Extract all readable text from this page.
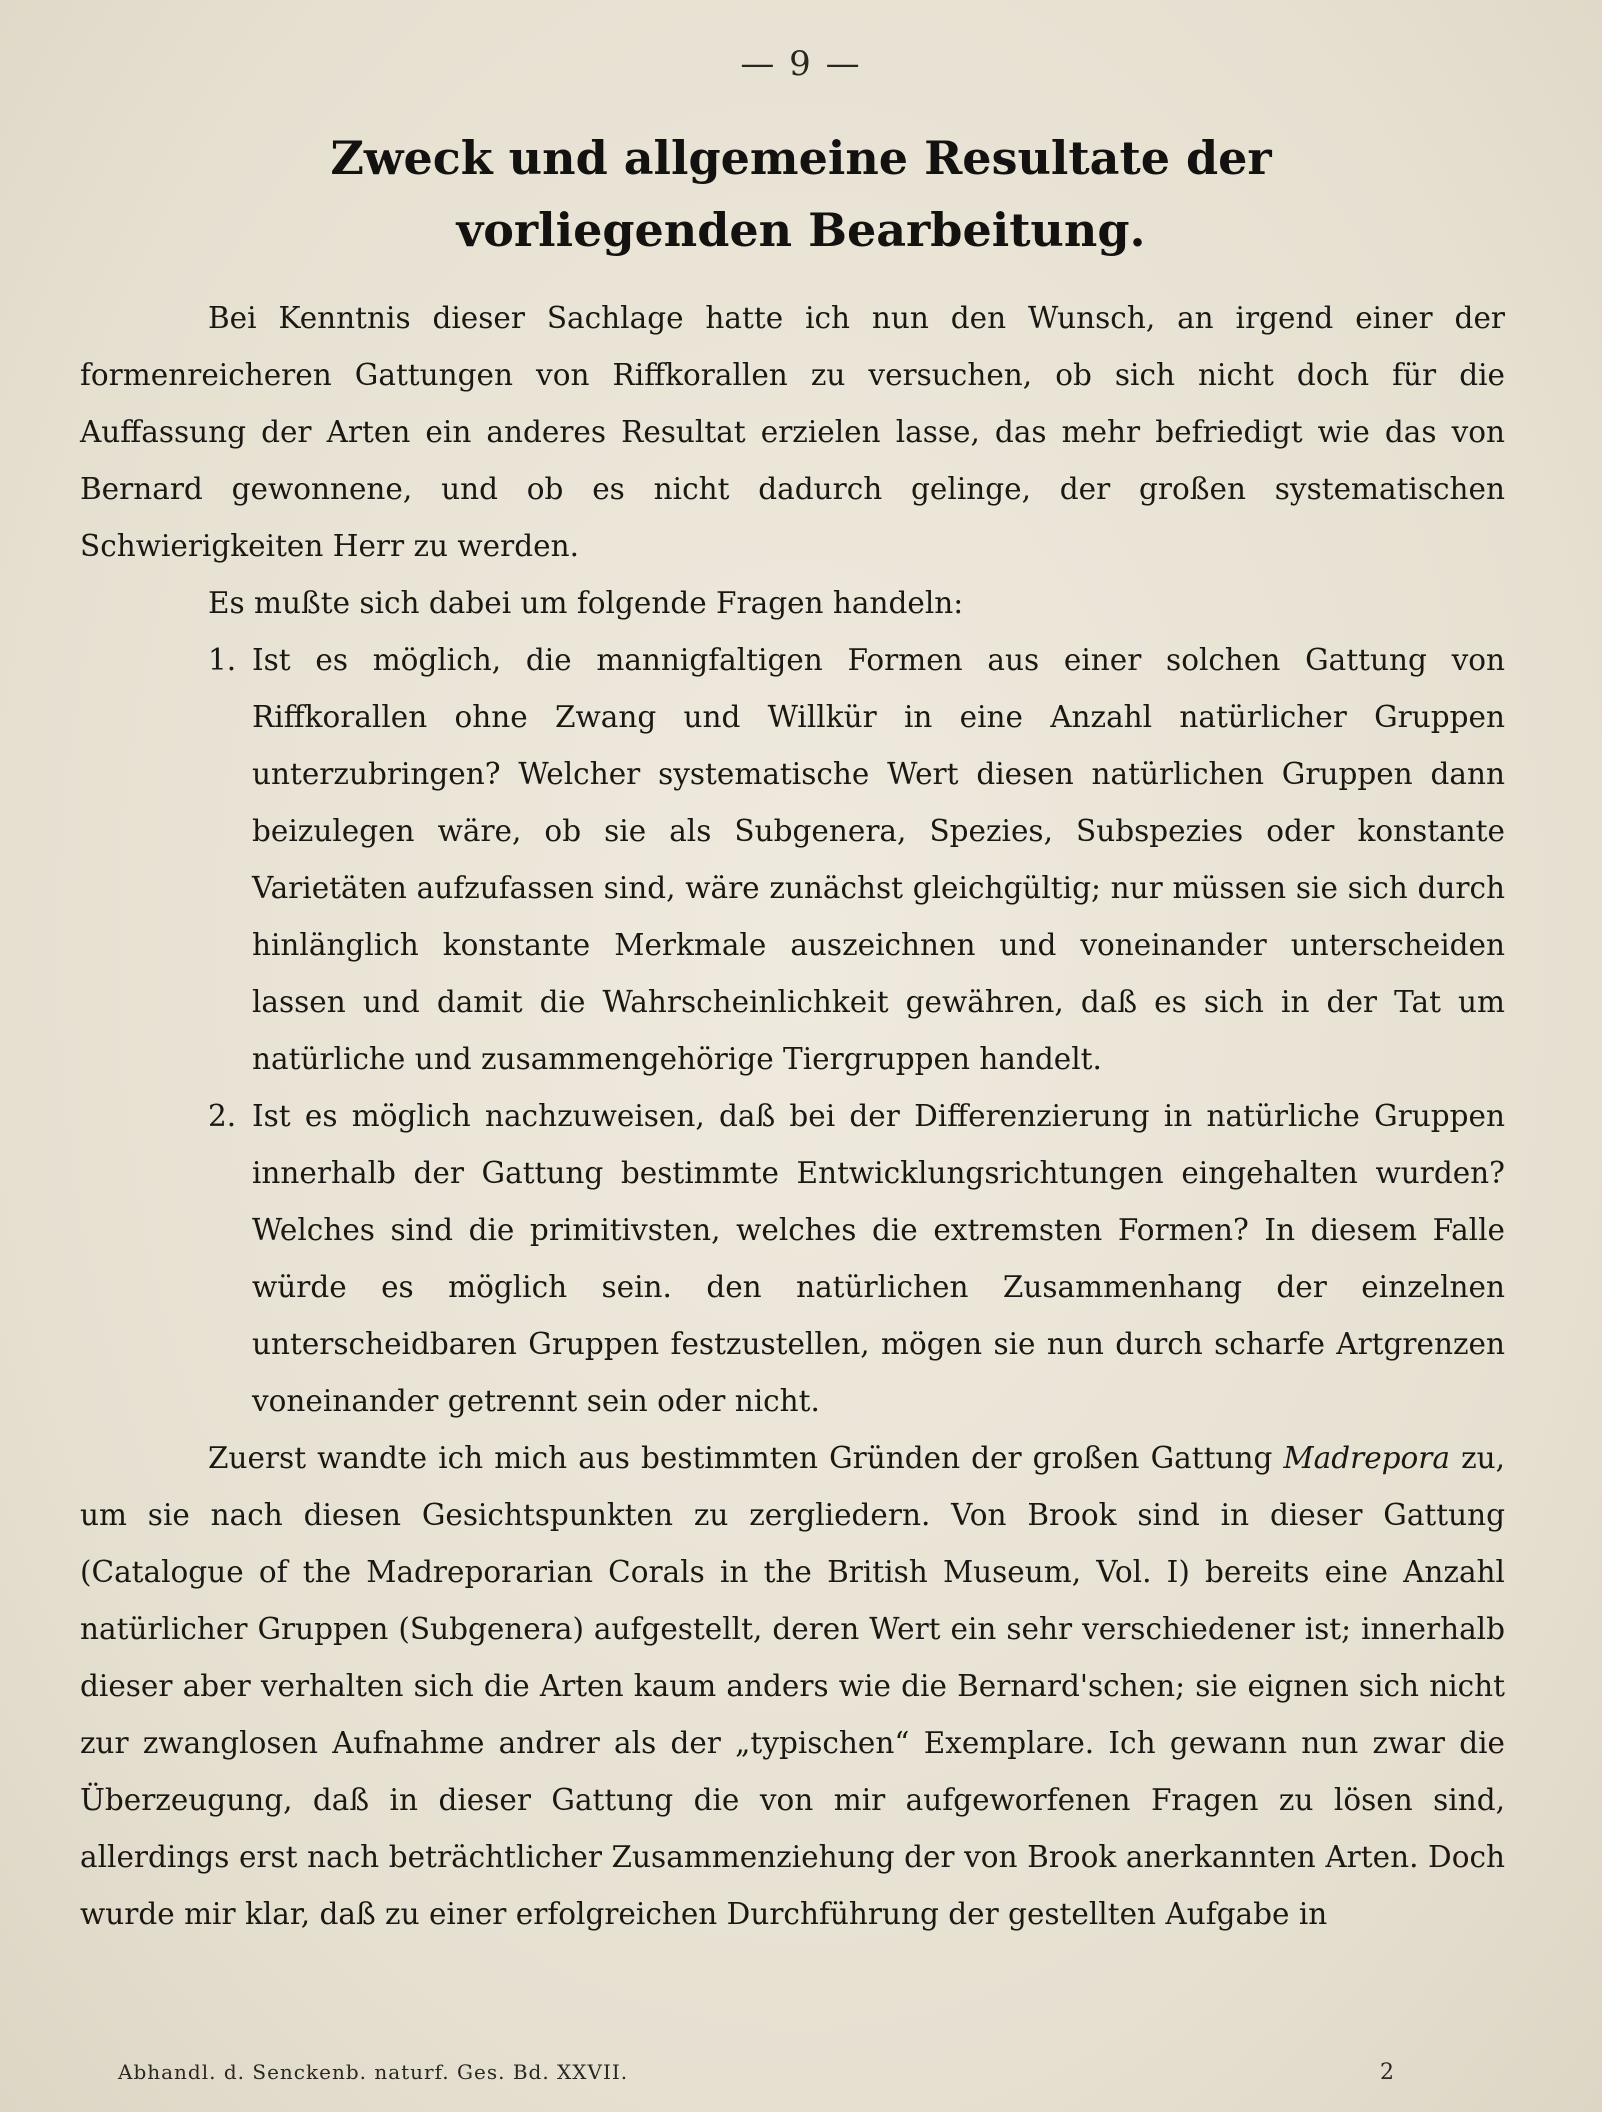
— 9 —
Zweck und allgemeine Resultate der
vorliegenden Bearbeitung.

Bei Kenntnis dieser Sachlage hatte ich nun den Wunsch, an irgend einer der formenreicheren Gattungen von Riffkorallen zu versuchen, ob sich nicht doch für die Auffassung der Arten ein anderes Resultat erzielen lasse, das mehr befriedigt wie das von Bernard gewonnene, und ob es nicht dadurch gelinge, der großen systematischen Schwierigkeiten Herr zu werden.

Es mußte sich dabei um folgende Fragen handeln:

1. Ist es möglich, die mannigfaltigen Formen aus einer solchen Gattung von Riffkorallen ohne Zwang und Willkür in eine Anzahl natürlicher Gruppen unterzubringen? Welcher systematische Wert diesen natürlichen Gruppen dann beizulegen wäre, ob sie als Subgenera, Spezies, Subspezies oder konstante Varietäten aufzufassen sind, wäre zunächst gleichgültig; nur müssen sie sich durch hinlänglich konstante Merkmale auszeichnen und voneinander unterscheiden lassen und damit die Wahrscheinlichkeit gewähren, daß es sich in der Tat um natürliche und zusammengehörige Tiergruppen handelt.
2. Ist es möglich nachzuweisen, daß bei der Differenzierung in natürliche Gruppen innerhalb der Gattung bestimmte Entwicklungsrichtungen eingehalten wurden? Welches sind die primitivsten, welches die extremsten Formen? In diesem Falle würde es möglich sein. den natürlichen Zusammenhang der einzelnen unterscheidbaren Gruppen festzustellen, mögen sie nun durch scharfe Artgrenzen voneinander getrennt sein oder nicht.

Zuerst wandte ich mich aus bestimmten Gründen der großen Gattung Madrepora zu, um sie nach diesen Gesichtspunkten zu zergliedern. Von Brook sind in dieser Gattung (Catalogue of the Madreporarian Corals in the British Museum, Vol. I) bereits eine Anzahl natürlicher Gruppen (Subgenera) aufgestellt, deren Wert ein sehr verschiedener ist; innerhalb dieser aber verhalten sich die Arten kaum anders wie die Bernard'schen; sie eignen sich nicht zur zwanglosen Aufnahme andrer als der „typischen“ Exemplare. Ich gewann nun zwar die Überzeugung, daß in dieser Gattung die von mir aufgeworfenen Fragen zu lösen sind, allerdings erst nach beträchtlicher Zusammenziehung der von Brook anerkannten Arten. Doch wurde mir klar, daß zu einer erfolgreichen Durchführung der gestellten Aufgabe in

Abhandl. d. Senckenb. naturf. Ges. Bd. XXVII.	2
